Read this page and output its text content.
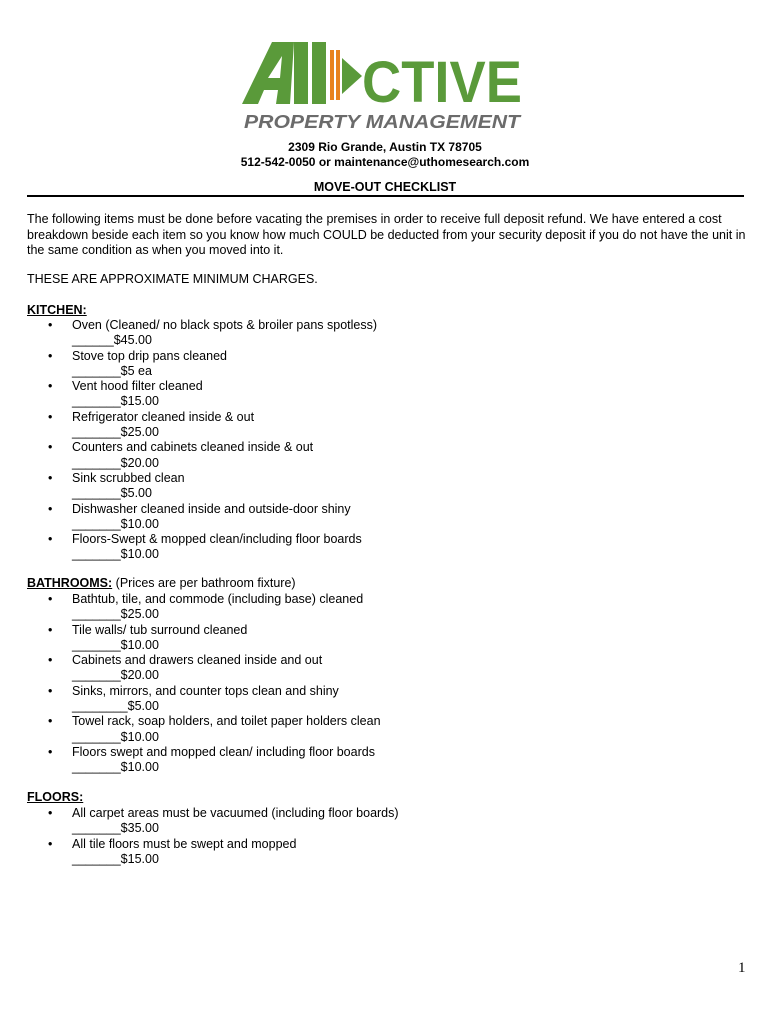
CTIVE
PROPERTY MANAGEMENT
2309 Rio Grande, Austin TX 78705
512-542-0050 or maintenance@uthomesearch.com
MOVE-OUT CHECKLIST
The following items must be done before vacating the premises in order to receive full deposit refund. We have entered a cost breakdown beside each item so you know how much COULD be deducted from your security deposit if you do not have the unit in the same condition as when you moved into it.
THESE ARE APPROXIMATE MINIMUM CHARGES.
KITCHEN:
• Oven (Cleaned/ no black spots & broiler pans spotless)
______$45.00
• Stove top drip pans cleaned
_______$5 ea
• Vent hood filter cleaned
_______$15.00
• Refrigerator cleaned inside & out
_______$25.00
• Counters and cabinets cleaned inside & out
_______$20.00
• Sink scrubbed clean
_______$5.00
• Dishwasher cleaned inside and outside-door shiny
_______$10.00
• Floors-Swept & mopped clean/including floor boards
_______$10.00
BATHROOMS: (Prices are per bathroom fixture)
• Bathtub, tile, and commode (including base) cleaned
_______$25.00
• Tile walls/ tub surround cleaned
_______$10.00
• Cabinets and drawers cleaned inside and out
_______$20.00
• Sinks, mirrors, and counter tops clean and shiny
________$5.00
• Towel rack, soap holders, and toilet paper holders clean
_______$10.00
• Floors swept and mopped clean/ including floor boards
_______$10.00
FLOORS:
• All carpet areas must be vacuumed (including floor boards)
_______$35.00
• All tile floors must be swept and mopped
_______$15.00
1
